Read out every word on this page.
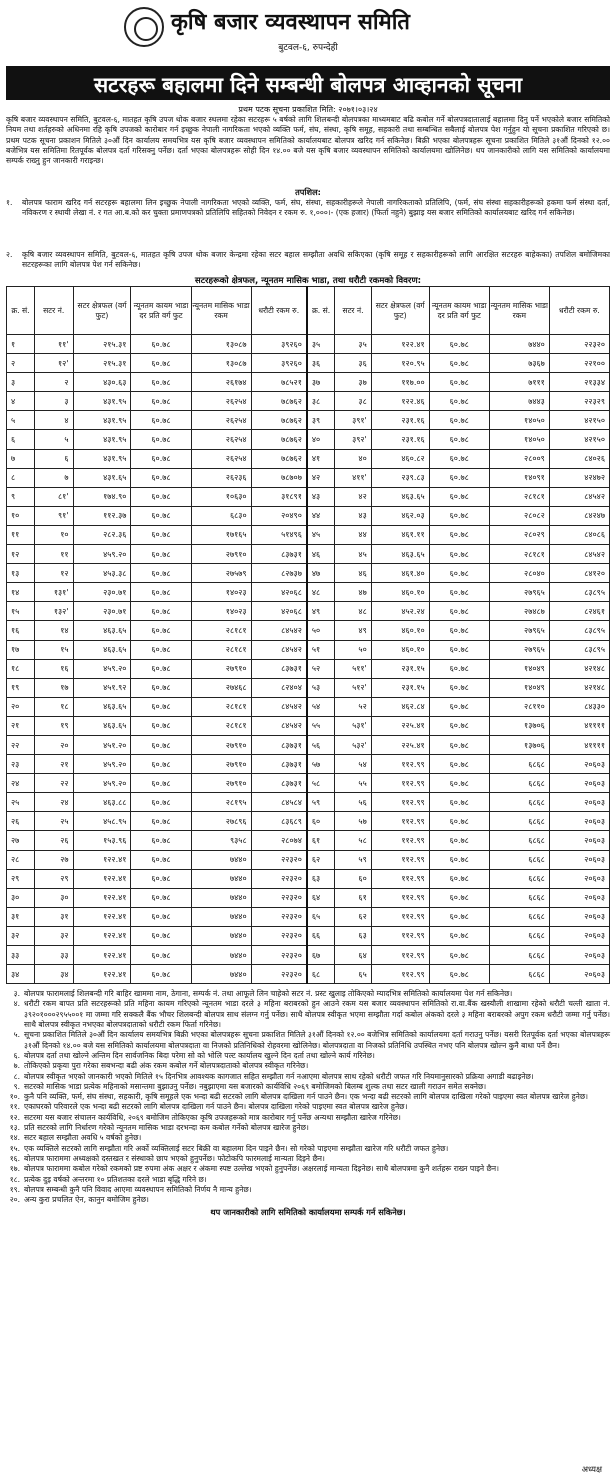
कृषि बजार व्यवस्थापन समिति
बुटवल-६, रुपन्देही
सटरहरू बहालमा दिने सम्बन्धी बोलपत्र आव्हानको सूचना
प्रथम पटक सूचना प्रकाशित मिति: २०७१।०३।२४
कृषि बजार व्यवस्थापन समिति, बुटवल-६, मातहत कृषि उपज थोक बजार स्थलमा रहेका सटरहरू ५ बर्षको लागि शिलबन्दी बोलपत्रका माध्यमबाट बढि कबोल गर्ने बोलपत्रदातालाई बहालमा दिनु पर्ने भएकोले बजार समितिको नियम तथा शर्तहरुको अधिनमा रहि कृषि उपजको कारोबार गर्न इच्छुक नेपाली नागरिकता भएको व्यक्ति फर्म, संघ, संस्था, कृषि समूह, सहकारी तथा सम्बन्धित सबैलाई बोलपत्र पेश गर्नुहुन यो सूचना प्रकाशित गरिएको छ। प्रथम पटक सूचना प्रकाशन मितिले ३०औं दिन कार्यालय समयभित्र यस कृषि बजार व्यवस्थापन समितिको कार्यालयबाट बोलपत्र खरिद गर्न सकिनेछ। बिक्री भएका बोलपत्रहरू सूचना प्रकाशित मितिले ३१औं दिनको १२.०० बजेभित्र यस समितिमा रितपूर्वक बोलपत्र दर्ता गरिसक्नु पर्नेछ। दर्ता भएका बोलपत्रहरू सोही दिन १४.०० बजे यस कृषि बजार व्यवस्थापन समितिको कार्यालयमा खोलिनेछ। थप जानकारीको लागि यस समितिको कार्यालयमा सम्पर्क राख्नु हुन जानकारी गराइन्छ।
तपशिल:
१.	बोलपत्र फाराम खरिद गर्न सटरहरू बहालमा लिन इच्छुक नेपाली नागरिकता भएको व्यक्ति, फर्म, संघ, संस्था, सहकारीहरूले नेपाली नागरिकताको प्रतिलिपि, (फर्म, संघ संस्था सहकारीहरूको हकमा फर्म संस्था दर्ता, नविकरण र स्थायी लेखा नं. र गत आ.ब.को कर चुक्ता प्रमाणपत्रको प्रतिलिपि सहितको निवेदन र रकम रु. १,०००।- (एक हजार) (फिर्ता नहुने) बुझाइ यस बजार समितिको कार्यालयबाट खरिद गर्न सकिनेछ।
२.	कृषि बजार व्यवस्थापन समिति, बुटवल-६, मातहत कृषि उपज थोक बजार केन्द्रमा रहेका सटर बहाल सम्झौता अवधि सकिएका (कृषि समूह र सहकारीहरूको लागि आरक्षित सटरहरु बाहेकका) तपशिल बमोजिमका सटरहरूका लागि बोलपत्र पेश गर्न सकिनेछ।
सटरहरूको क्षेत्रफल, न्यूनतम मासिक भाडा, तथा धरौटी रकमको विवरण:
क्र. सं.	सटर नं.	सटर क्षेत्रफल (वर्ग फुट)	न्यूनतम कायम भाडा दर प्रति वर्ग फुट	न्यूनतम मासिक भाडा रकम	धरौटी रकम रु.	क्र. सं.	सटर नं.	सटर क्षेत्रफल (वर्ग फुट)	न्यूनतम कायम भाडा दर प्रति वर्ग फुट	न्यूनतम मासिक भाडा रकम	धरौटी रकम रु.
१	११'	२१५.३१	६०.७८	१३०८७	३९२६०	३५	३५	१२२.४१	६०.७८	७४४०	२२३२०
२	१२'	२१५.३१	६०.७८	१३०८७	३९२६०	३६	३६	१२०.९५	६०.७८	७३६७	२२१००
३	२	४३०.६३	६०.७८	२६१७४	७८५२१	३७	३७	११७.००	६०.७८	७१११	२१३३४
४	३	४३१.९५	६०.७८	२६२५४	७८७६२	३८	३८	१२२.४६	६०.७८	७४४३	२२३२९
५	४	४३१.९५	६०.७८	२६२५४	७८७६२	३९	३९१'	२३१.१६	६०.७८	१४०५०	४२१५०
६	५	४३१.९५	६०.७८	२६२५४	७८७६२	४०	३९२'	२३१.१६	६०.७८	१४०५०	४२१५०
७	६	४३१.९५	६०.७८	२६२५४	७८७६२	४१	४०	४६०.८२	६०.७८	२८००९	८४०२६
८	७	४३१.६५	६०.७८	२६२३६	७८७०७	४२	४११'	२३९.८३	६०.७८	१४०९१	४२४७२
९	८१'	१७४.९०	६०.७८	१०६३०	३१८९१	४३	४२	४६३.६५	६०.७८	२८१८१	८४५४२
१०	९१'	११२.३७	६०.७८	६८३०	२०४९०	४४	४३	४६२.०३	६०.७८	२८०८२	८४२४७
११	१०	२८२.३६	६०.७८	१७१६५	५१४९६	४५	४४	४६१.११	६०.७८	२८०२९	८४०८६
१२	११	४५९.२०	६०.७८	२७९१०	८३७३१	४६	४५	४६३.६५	६०.७८	२८१८१	८४५४२
१३	१२	४५३.३८	६०.७८	२७५७९	८२७३७	४७	४६	४६१.४०	६०.७८	२८०४०	८४१२०
१४	१३१'	२३०.७१	६०.७८	१४०२३	४२०६८	४८	४७	४६०.१०	६०.७८	२७९६५	८३८९५
१५	१३२'	२३०.७१	६०.७८	१४०२३	४२०६८	४९	४८	४५२.२४	६०.७८	२७४८७	८२४६१
१६	१४	४६३.६५	६०.७८	२८१८१	८४५४२	५०	४९	४६०.१०	६०.७८	२७९६५	८३८९५
१७	१५	४६३.६५	६०.७८	२८१८१	८४५४२	५१	५०	४६०.१०	६०.७८	२७९६५	८३८९५
१८	१६	४५९.२०	६०.७८	२७९१०	८३७३१	५२	५११'	२३१.१५	६०.७८	१४०४९	४२१४८
१९	१७	४५१.९२	६०.७८	२७४६८	८२४०४	५३	५१२'	२३१.१५	६०.७८	१४०४९	४२१४८
२०	१८	४६३.६५	६०.७८	२८१८१	८४५४२	५४	५२	४६२.८४	६०.७८	२८११०	८४३३०
२१	१९	४६३.६५	६०.७८	२८१८१	८४५४२	५५	५३१'	२२५.४१	६०.७८	१३७०६	४११११
२२	२०	४५१.२०	६०.७८	२७९१०	८३७३१	५६	५३२'	२२५.४१	६०.७८	१३७०६	४११११
२३	२१	४५९.२०	६०.७८	२७९१०	८३७३१	५७	५४	११२.९९	६०.७८	६८६८	२०६०३
२४	२२	४५९.२०	६०.७८	२७९१०	८३७३१	५८	५५	११२.९९	६०.७८	६८६८	२०६०३
२५	२४	४६३.८८	६०.७८	२८१९५	८४५८४	५९	५६	११२.९९	६०.७८	६८६८	२०६०३
२६	२५	४५८.९५	६०.७८	२७८९६	८३६८९	६०	५७	११२.९९	६०.७८	६८६८	२०६०३
२७	२६	१५३.९६	६०.७८	९३५८	२८०७४	६१	५८	११२.९९	६०.७८	६८६८	२०६०३
२८	२७	१२२.४१	६०.७८	७४४०	२२३२०	६२	५९	११२.९९	६०.७८	६८६८	२०६०३
२९	२९	१२२.४१	६०.७८	७४४०	२२३२०	६३	६०	११२.९९	६०.७८	६८६८	२०६०३
३०	३०	१२२.४१	६०.७८	७४४०	२२३२०	६४	६१	११२.९९	६०.७८	६८६८	२०६०३
३१	३१	१२२.४१	६०.७८	७४४०	२२३२०	६५	६२	११२.९९	६०.७८	६८६८	२०६०३
३२	३२	१२२.४१	६०.७८	७४४०	२२३२०	६६	६३	११२.९९	६०.७८	६८६८	२०६०३
३३	३३	१२२.४१	६०.७८	७४४०	२२३२०	६७	६४	११२.९९	६०.७८	६८६८	२०६०३
३४	३४	१२२.४१	६०.७८	७४४०	२२३२०	६८	६५	११२.९९	६०.७८	६८६८	२०६०३
३. बोलपत्र फारामलाई शिलबन्दी गरि बाहिर खाममा नाम, ठेगाना, सम्पर्क नं. तथा आफूले लिन चाहेको सटर नं. प्रस्ट खुलाइ तोकिएको म्यादभित्र समितिको कार्यालयमा पेश गर्न सकिनेछ।
४. धरौटी रकम बापत प्रति सटरहरूको प्रति महिना कायम गरिएको न्यूनतम भाडा दरले ३ महिना बराबरको हुन आउने रकम यस बजार व्यवस्थापन समितिको रा.वा.बैंक खस्यौली शाखामा रहेको धरौटी चल्ती खाता नं. ३९२०१०००२९५५००१ मा जम्मा गरि सक्कलै बैंक भौचर शिलबन्दी बोलपत्र साथ संलग्न गर्नु पर्नेछ। साथै बोलपत्र स्वीकृत भएमा सम्झौता गर्दा कबोल अंकको दरले ३ महिना बराबरको अपुग रकम धरौटी जम्मा गर्नु पर्नेछ। साथै बोलपत्र स्वीकृत नभएका बोलपत्रदाताको धरौटी रकम फिर्ता गरिनेछ।
५. सूचना प्रकाशित मितिले ३०औं दिन कार्यालय समयभित्र बिक्री भएका बोलपत्रहरू सूचना प्रकाशित मितिले ३१औं दिनको १२.०० बजेभित्र समितिको कार्यालयमा दर्ता गराउनु पर्नेछ। यसरी रितपूर्वक दर्ता भएका बोलपत्रहरू ३१औं दिनको १४.०० बजे यस समितिको कार्यालयमा बोलपत्रदाता वा निजको प्रतिनिधिको रोहवरमा खोलिनेछ। बोलपत्रदाता वा निजको प्रतिनिधि उपस्थित नभए पनि बोलपत्र खोल्न कुनै बाधा पर्ने छैन।
६. बोलपत्र दर्ता तथा खोल्ने अन्तिम दिन सार्वजनिक बिदा परेमा सो को भोलि पल्ट कार्यालय खुल्ने दिन दर्ता तथा खोल्ने कार्य गरिनेछ।
७. तोकिएको प्रकृया पुरा गरेका सबभन्दा बढी अंक रकम कबोल गर्ने बोलपत्रदाताको बोलपत्र स्वीकृत गरिनेछ।
८. बोलपत्र स्वीकृत भएको जानकारी भएको मितिले १५ दिनभित्र आवश्यक कागजात सहित सम्झौता गर्न नआएमा बोलपत्र साथ रहेको धरौटी जफत गरि नियमानुसारको प्रक्रिया अगाडी बढाइनेछ।
९. सटरको मासिक भाडा प्रत्येक महिनाको मसान्तमा बुझाउनु पर्नेछ। नबुझाएमा यस बजारको कार्यविधि २०६९ बमोजिमको बिलम्ब शुल्क तथा सटर खाली गराउन समेत सक्नेछ।
१०. कुनै पनि व्यक्ति, फर्म, संघ संस्था, सहकारी, कृषि समूहले एक भन्दा बढी सटरको लागि बोलपत्र दाखिला गर्न पाउने छैन। एक भन्दा बढी सटरको लागि बोलपत्र दाखिला गरेको पाइएमा स्वत बोलपत्र खारेज हुनेछ।
११. एकाघरको परिवारले एक भन्दा बढी सटरको लागि बोलपत्र दाखिला गर्न पाउने छैन। बोलपत्र दाखिला गरेको पाइएमा स्वत बोलपत्र खारेज हुनेछ।
१२. सटरमा यस बजार संचालन कार्यविधि, २०६९ बमोजिम तोकिएका कृषि उपजहरूको मात्र कारोबार गर्नु पर्नेछ अन्यथा सम्झौता खारेज गरिनेछ।
१३. प्रति सटरको लागि निर्धारण गरेको न्यूनतम मासिक भाडा दरभन्दा कम कबोल गर्नेको बोलपत्र खारेज हुनेछ।
१४. सटर बहाल सम्झौता अवधि ५ वर्षको हुनेछ।
१५. एक व्यक्तिले सटरको लागि सम्झौता गरि अर्को व्यक्तिलाई सटर बिक्री वा बहालमा दिन पाइने छैन। सो गरेको पाइएमा सम्झौता खारेज गरि धरौटी जफत हुनेछ।
१६. बोलपत्र फाराममा अध्यक्षको दस्तखत र संस्थाको छाप भएको हुनुपर्नेछ। फोटोकपि फारमलाई मान्यता दिइने छैन।
१७. बोलपत्र फाराममा कबोल गरेको रकमको प्रष्ट रुपमा अंक अक्षर र अंकमा स्पष्ट उल्लेख भएको हुनुपर्नेछ। अक्षरलाई मान्यता दिइनेछ। साथै बोलपत्रमा कुनै शर्तहरू राख्न पाइने छैन।
१८. प्रत्येक दुइ वर्षको अन्तरमा १० प्रतिशतका दरले भाडा बृद्धि गरिने छ।
१९. बोलपत्र सम्बन्धी कुनै पनि विवाद आएमा व्यवस्थापन समितिको निर्णय नै मान्य हुनेछ।
२०. अन्य कुरा प्रचलित ऐन, कानुन बमोजिम हुनेछ।
थप जानकारीको लागि समितिको कार्यालयमा सम्पर्क गर्न सकिनेछ।
अध्यक्ष
